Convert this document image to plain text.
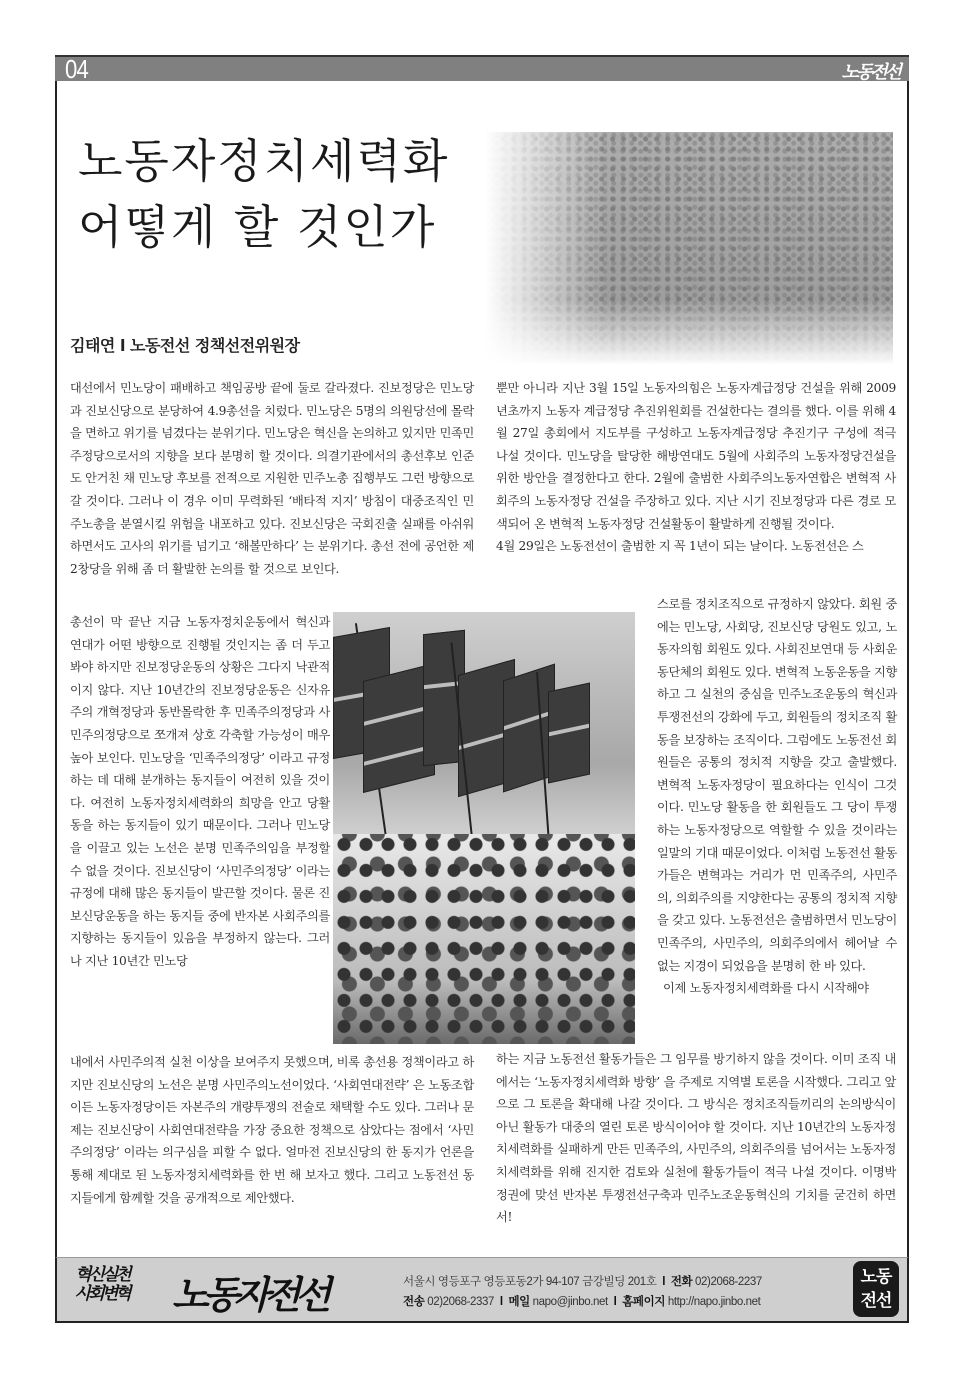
04	노동전선
노동자정치세력화
어떻게 할 것인가
김태연 l 노동전선 정책선전위원장

대선에서 민노당이 패배하고 책임공방 끝에 둘로 갈라졌다. 진보정당은 민노당과 진보신당으로 분당하여 4.9총선을 치렀다. 민노당은 5명의 의원당선에 몰락을 면하고 위기를 넘겼다는 분위기다. 민노당은 혁신을 논의하고 있지만 민족민주정당으로서의 지향을 보다 분명히 할 것이다. 의결기관에서의 총선후보 인준도 안거친 채 민노당 후보를 전적으로 지원한 민주노총 집행부도 그런 방향으로 갈 것이다. 그러나 이 경우 이미 무력화된 ‘배타적 지지’ 방침이 대중조직인 민주노총을 분열시킬 위험을 내포하고 있다. 진보신당은 국회진출 실패를 아쉬워하면서도 고사의 위기를 넘기고 ‘해볼만하다’ 는 분위기다. 총선 전에 공언한 제2창당을 위해 좀 더 활발한 논의를 할 것으로 보인다.

총선이 막 끝난 지금 노동자정치운동에서 혁신과 연대가 어떤 방향으로 진행될 것인지는 좀 더 두고 봐야 하지만 진보정당운동의 상황은 그다지 낙관적이지 않다. 지난 10년간의 진보정당운동은 신자유주의 개혁정당과 동반몰락한 후 민족주의정당과 사민주의정당으로 쪼개져 상호 각축할 가능성이 매우 높아 보인다. 민노당을 ‘민족주의정당’ 이라고 규정하는 데 대해 분개하는 동지들이 여전히 있을 것이다. 여전히 노동자정치세력화의 희망을 안고 당활동을 하는 동지들이 있기 때문이다. 그러나 민노당을 이끌고 있는 노선은 분명 민족주의임을 부정할 수 없을 것이다. 진보신당이 ‘사민주의정당’ 이라는 규정에 대해 많은 동지들이 발끈할 것이다. 물론 진보신당운동을 하는 동지들 중에 반자본 사회주의를 지향하는 동지들이 있음을 부정하지 않는다. 그러나 지난 10년간 민노당

내에서 사민주의적 실천 이상을 보여주지 못했으며, 비록 총선용 정책이라고 하지만 진보신당의 노선은 분명 사민주의노선이었다. ‘사회연대전략’ 은 노동조합이든 노동자정당이든 자본주의 개량투쟁의 전술로 채택할 수도 있다. 그러나 문제는 진보신당이 사회연대전략을 가장 중요한 정책으로 삼았다는 점에서 ‘사민주의정당’ 이라는 의구심을 피할 수 없다. 얼마전 진보신당의 한 동지가 언론을 통해 제대로 된 노동자정치세력화를 한 번 해 보자고 했다. 그리고 노동전선 동지들에게 함께할 것을 공개적으로 제안했다.

뿐만 아니라 지난 3월 15일 노동자의힘은 노동자계급정당 건설을 위해 2009년초까지 노동자 계급정당 추진위원회를 건설한다는 결의를 했다. 이를 위해 4월 27일 총회에서 지도부를 구성하고 노동자계급정당 추진기구 구성에 적극 나설 것이다. 민노당을 탈당한 해방연대도 5월에 사회주의 노동자정당건설을 위한 방안을 결정한다고 한다. 2월에 출범한 사회주의노동자연합은 변혁적 사회주의 노동자정당 건설을 주장하고 있다. 지난 시기 진보정당과 다른 경로 모색되어 온 변혁적 노동자정당 건설활동이 활발하게 진행될 것이다.

4월 29일은 노동전선이 출범한 지 꼭 1년이 되는 날이다. 노동전선은 스

스로를 정치조직으로 규정하지 않았다. 회원 중에는 민노당, 사회당, 진보신당 당원도 있고, 노동자의힘 회원도 있다. 사회진보연대 등 사회운동단체의 회원도 있다. 변혁적 노동운동을 지향하고 그 실천의 중심을 민주노조운동의 혁신과 투쟁전선의 강화에 두고, 회원들의 정치조직 활동을 보장하는 조직이다. 그럼에도 노동전선 회원들은 공통의 정치적 지향을 갖고 출발했다. 변혁적 노동자정당이 필요하다는 인식이 그것이다. 민노당 활동을 한 회원들도 그 당이 투쟁하는 노동자정당으로 역할할 수 있을 것이라는 일말의 기대 때문이었다. 이처럼 노동전선 활동가들은 변혁과는 거리가 먼 민족주의, 사민주의, 의회주의를 지양한다는 공통의 정치적 지향을 갖고 있다. 노동전선은 출범하면서 민노당이 민족주의, 사민주의, 의회주의에서 헤어날 수 없는 지경이 되었음을 분명히 한 바 있다.

이제 노동자정치세력화를 다시 시작해야

하는 지금 노동전선 활동가들은 그 임무를 방기하지 않을 것이다. 이미 조직 내에서는 ‘노동자정치세력화 방향’ 을 주제로 지역별 토론을 시작했다. 그리고 앞으로 그 토론을 확대해 나갈 것이다. 그 방식은 정치조직들끼리의 논의방식이 아닌 활동가 대중의 열린 토론 방식이어야 할 것이다. 지난 10년간의 노동자정치세력화를 실패하게 만든 민족주의, 사민주의, 의회주의를 넘어서는 노동자정치세력화를 위해 진지한 검토와 실천에 활동가들이 적극 나설 것이다. 이명박정권에 맞선 반자본 투쟁전선구축과 민주노조운동혁신의 기치를 굳건히 하면서!

혁신실천
사회변혁 노동자전선	서울시 영등포구 영등포동2가 94-107 금강빌딩 201호 l 전화 02)2068-2237
전송 02)2068-2337 l 메일 napo@jinbo.net l 홈페이지 http://napo.jinbo.net
노동
전선
